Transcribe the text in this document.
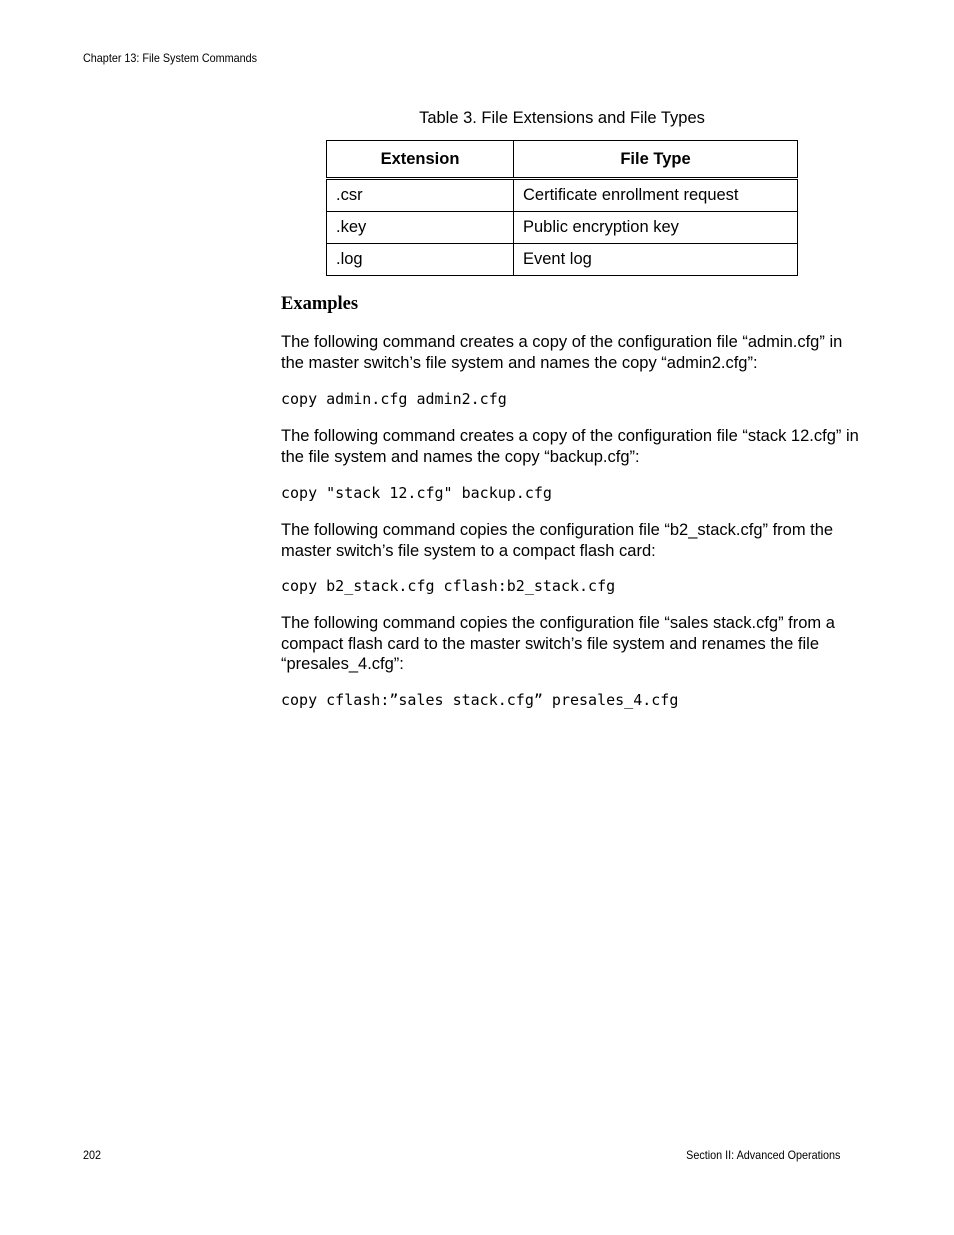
Chapter 13: File System Commands
Table 3. File Extensions and File Types
Extension	File Type
.csr	Certificate enrollment request
.key	Public encryption key
.log	Event log
Examples
The following command creates a copy of the configuration file “admin.cfg” in the master switch’s file system and names the copy “admin2.cfg”:
copy admin.cfg admin2.cfg
The following command creates a copy of the configuration file “stack 12.cfg” in the file system and names the copy “backup.cfg”:
copy "stack 12.cfg" backup.cfg
The following command copies the configuration file “b2_stack.cfg” from the master switch’s file system to a compact flash card:
copy b2_stack.cfg cflash:b2_stack.cfg
The following command copies the configuration file “sales stack.cfg” from a compact flash card to the master switch’s file system and renames the file “presales_4.cfg”:
copy cflash:”sales stack.cfg” presales_4.cfg
202	Section II: Advanced Operations
